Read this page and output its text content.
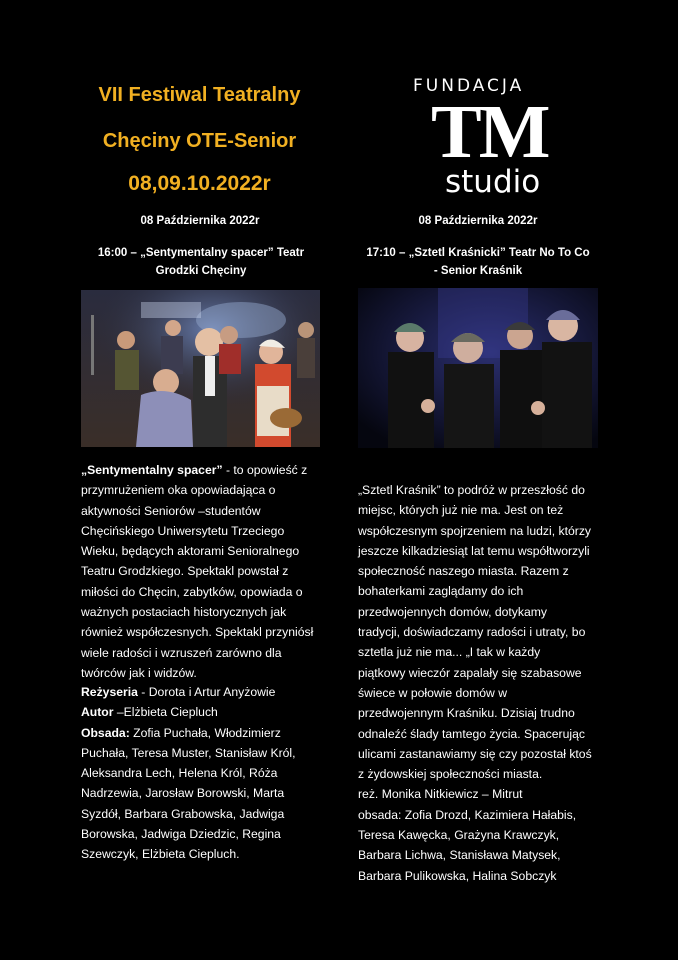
VII Festiwal Teatralny
Chęciny OTE-Senior
08,09.10.2022r
FUNDACJA
TM
studio
08 Października 2022r
16:00 – „Sentymentalny spacer” Teatr
Grodzki Chęciny
„Sentymentalny spacer” - to opowieść z
przymrużeniem oka opowiadająca o
aktywności Seniorów –studentów
Chęcińskiego Uniwersytetu Trzeciego
Wieku, będących aktorami Senioralnego
Teatru Grodzkiego. Spektakl powstał z
miłości do Chęcin, zabytków, opowiada o
ważnych postaciach historycznych jak
również współczesnych. Spektakl przyniósł
wiele radości i wzruszeń zarówno dla
twórców jak i widzów.
Reżyseria - Dorota i Artur Anyżowie
Autor –Elżbieta Ciepluch
Obsada: Zofia Puchała, Włodzimierz
Puchała, Teresa Muster, Stanisław Król,
Aleksandra Lech, Helena Król, Róża
Nadrzewia, Jarosław Borowski, Marta
Syzdół, Barbara Grabowska, Jadwiga
Borowska, Jadwiga Dziedzic, Regina
Szewczyk, Elżbieta Ciepluch.
08 Października 2022r
17:10 – „Sztetl Kraśnicki” Teatr No To Co
- Senior Kraśnik
„Sztetl Kraśnik” to podróż w przeszłość do
miejsc, których już nie ma. Jest on też
współczesnym spojrzeniem na ludzi, którzy
jeszcze kilkadziesiąt lat temu współtworzyli
społeczność naszego miasta. Razem z
bohaterkami zaglądamy do ich
przedwojennych domów, dotykamy
tradycji, doświadczamy radości i utraty, bo
sztetla już nie ma... „I tak w każdy
piątkowy wieczór zapalały się szabasowe
świece w połowie domów w
przedwojennym Kraśniku. Dzisiaj trudno
odnaleźć ślady tamtego życia. Spacerując
ulicami zastanawiamy się czy pozostał ktoś
z żydowskiej społeczności miasta.
reż. Monika Nitkiewicz – Mitrut
obsada: Zofia Drozd, Kazimiera Hałabis,
Teresa Kawęcka, Grażyna Krawczyk,
Barbara Lichwa, Stanisława Matysek,
Barbara Pulikowska, Halina Sobczyk
